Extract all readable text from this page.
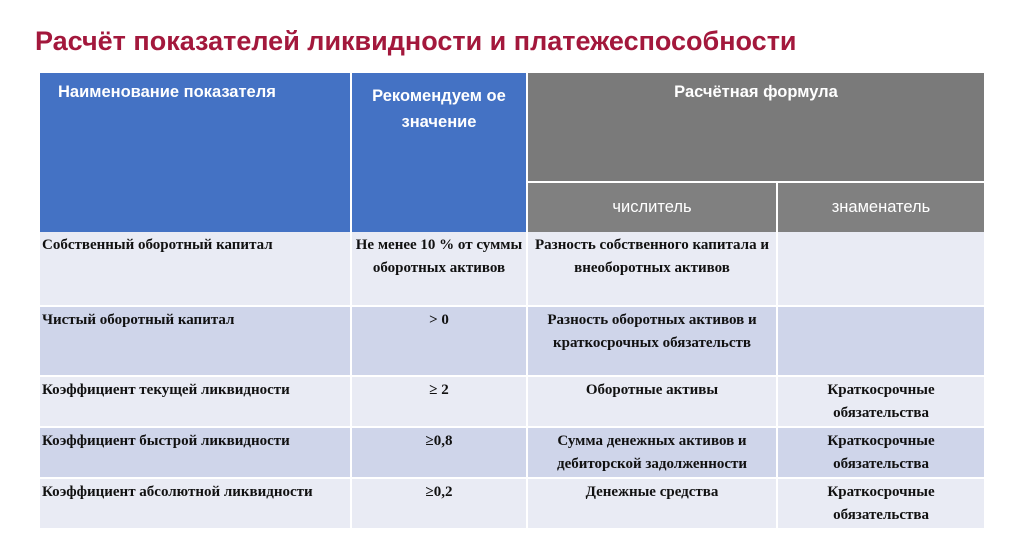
Расчёт показателей ликвидности и платежеспособности
Наименование показателя	Рекомендуем ое значение	Расчётная формула	
		числитель	знаменатель
Собственный оборотный капитал	Не менее 10 % от суммы оборотных активов	Разность собственного капитала и внеоборотных активов	
Чистый оборотный капитал	> 0	Разность оборотных активов и краткосрочных обязательств	
Коэффициент текущей ликвидности	≥ 2	Оборотные активы	Краткосрочные обязательства
Коэффициент быстрой ликвидности	≥0,8	Сумма денежных активов и дебиторской задолженности	Краткосрочные обязательства
Коэффициент абсолютной ликвидности	≥0,2	Денежные средства	Краткосрочные обязательства
